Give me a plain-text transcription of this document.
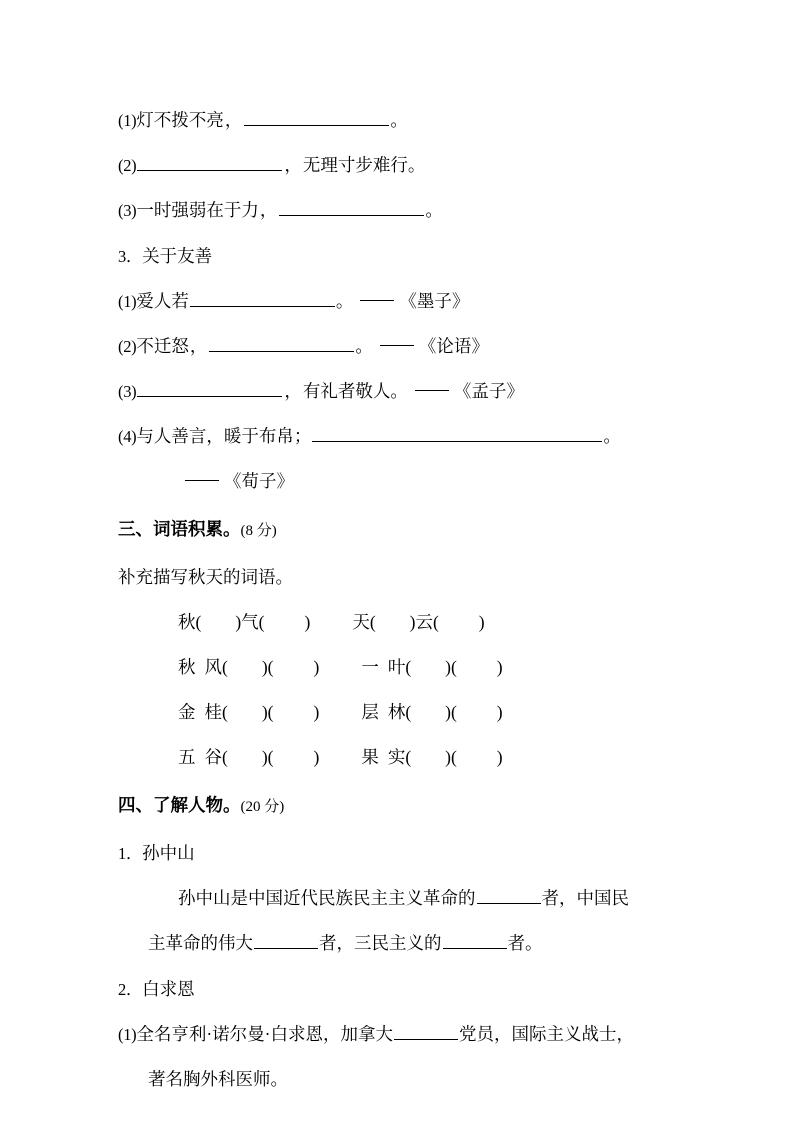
(1) 灯不拨不亮 ，	。
(2)	， 无理寸步难行。
(3) 一时强弱在于力 ，	。
3 ． 关于友善
(1) 爱人若	。	《墨子》
(2) 不迁怒 ，	。	《论语》
(3)	， 有礼者敬人。	《孟子》
(4) 与人善言，暖于布帛；	。
《荀子》
三、 词语积累。 (8 分)
补充描写秋天的词语。
秋 ( ) 气 ( ) 天 ( ) 云 ( )
秋 风 ( ) ( ) 一 叶 ( ) ( )
金 桂 ( ) ( ) 层 林 ( ) ( )
五 谷 ( ) ( ) 果 实 ( ) ( )
四、 了解人物。 (20 分)
1 ． 孙中山
孙中山是中国近代民族民主主义革命的	者，中国民
主革命的伟大	者，三民主义的	者。
2 ． 白求恩
(1)全名亨利·诺尔曼·白求恩，加拿大	党员，国际主义战士，
著名胸外科医师。
